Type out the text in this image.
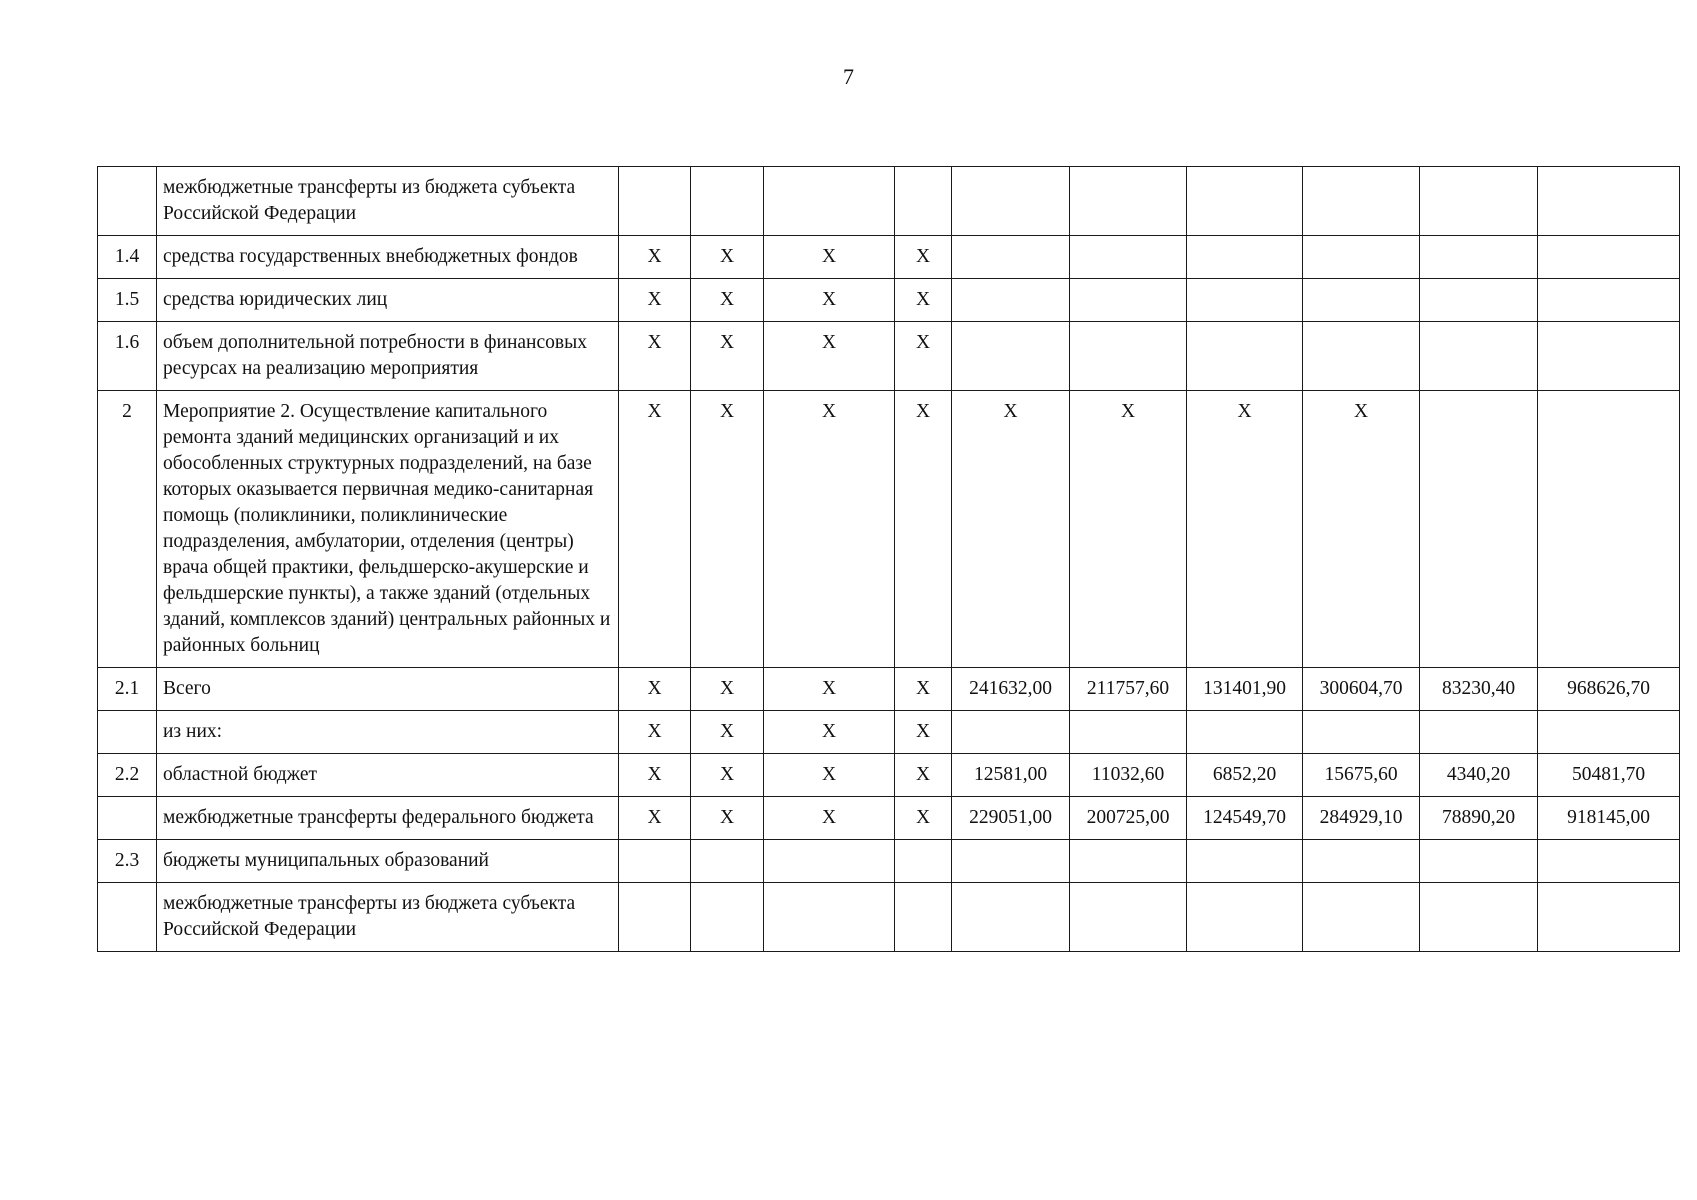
7
	межбюджетные трансферты из бюджета субъекта Российской Федерации										
1.4	средства государственных внебюджетных фондов	X	X	X	X						
1.5	средства юридических лиц	X	X	X	X						
1.6	объем дополнительной потребности в финансовых ресурсах на реализацию мероприятия	X	X	X	X						
2	Мероприятие 2. Осуществление капитального ремонта зданий медицинских организаций и их обособленных структурных подразделений, на базе которых оказывается первичная медико-санитарная помощь (поликлиники, поликлинические подразделения, амбулатории, отделения (центры) врача общей практики, фельдшерско-акушерские и фельдшерские пункты), а также зданий (отдельных зданий, комплексов зданий) центральных районных и районных больниц	X	X	X	X	X	X	X	X		
2.1	Всего	X	X	X	X	241632,00	211757,60	131401,90	300604,70	83230,40	968626,70
	из них:	X	X	X	X						
2.2	областной бюджет	X	X	X	X	12581,00	11032,60	6852,20	15675,60	4340,20	50481,70
	межбюджетные трансферты федерального бюджета	X	X	X	X	229051,00	200725,00	124549,70	284929,10	78890,20	918145,00
2.3	бюджеты муниципальных образований										
	межбюджетные трансферты из бюджета субъекта Российской Федерации										
